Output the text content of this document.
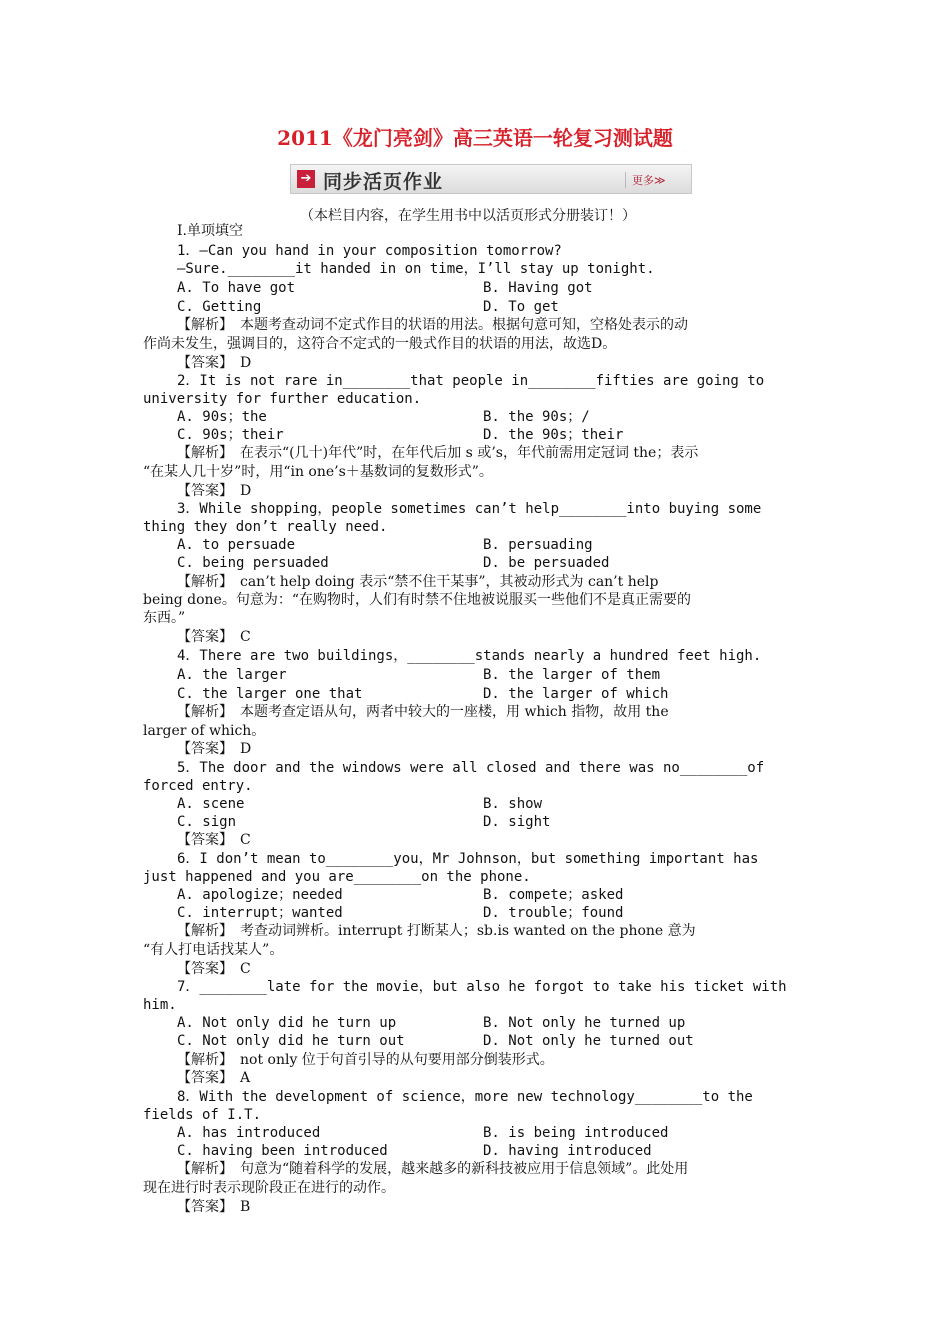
2011《龙门亮剑》高三英语一轮复习测试题
➔ 同步活页作业	更多≫
（本栏目内容，在学生用书中以活页形式分册装订！）
Ⅰ.单项填空
1．—Can you hand in your composition tomorrow?
—Sure.________it handed in on time，I’ll stay up tonight.
A. To have got	B. Having got
C. Getting	D. To get
【解析】　本题考查动词不定式作目的状语的用法。根据句意可知，空格处表示的动
作尚未发生，强调目的，这符合不定式的一般式作目的状语的用法，故选D。
【答案】　D
2．It is not rare in________that people in________fifties are going to
university for further education.
A. 90s；the	B. the 90s；/
C. 90s；their	D. the 90s；their
【解析】　在表示“(几十)年代”时，在年代后加 s 或’s，年代前需用定冠词 the；表示
“在某人几十岁”时，用“in one’s＋基数词的复数形式”。
【答案】　D
3．While shopping，people sometimes can’t help________into buying some
thing they don’t really need.
A. to persuade	B. persuading
C. being persuaded	D. be persuaded
【解析】　can’t help doing 表示“禁不住干某事”，其被动形式为 can’t help
being done。句意为：“在购物时，人们有时禁不住地被说服买一些他们不是真正需要的
东西。”
【答案】　C
4．There are two buildings，________stands nearly a hundred feet high.
A. the larger	B. the larger of them
C. the larger one that	D. the larger of which
【解析】　本题考查定语从句，两者中较大的一座楼，用 which 指物，故用 the
larger of which。
【答案】　D
5．The door and the windows were all closed and there was no________of
forced entry.
A. scene	B. show
C. sign	D. sight
【答案】　C
6．I don’t mean to________you，Mr Johnson，but something important has
just happened and you are________on the phone.
A. apologize；needed	B. compete；asked
C. interrupt；wanted	D. trouble；found
【解析】　考查动词辨析。interrupt 打断某人；sb.is wanted on the phone 意为
“有人打电话找某人”。
【答案】　C
7．________late for the movie，but also he forgot to take his ticket with
him.
A. Not only did he turn up	B. Not only he turned up
C. Not only did he turn out	D. Not only he turned out
【解析】　not only 位于句首引导的从句要用部分倒装形式。
【答案】　A
8．With the development of science，more new technology________to the
fields of I.T.
A. has introduced	B. is being introduced
C. having been introduced	D. having introduced
【解析】　句意为“随着科学的发展，越来越多的新科技被应用于信息领域”。此处用
现在进行时表示现阶段正在进行的动作。
【答案】　B
